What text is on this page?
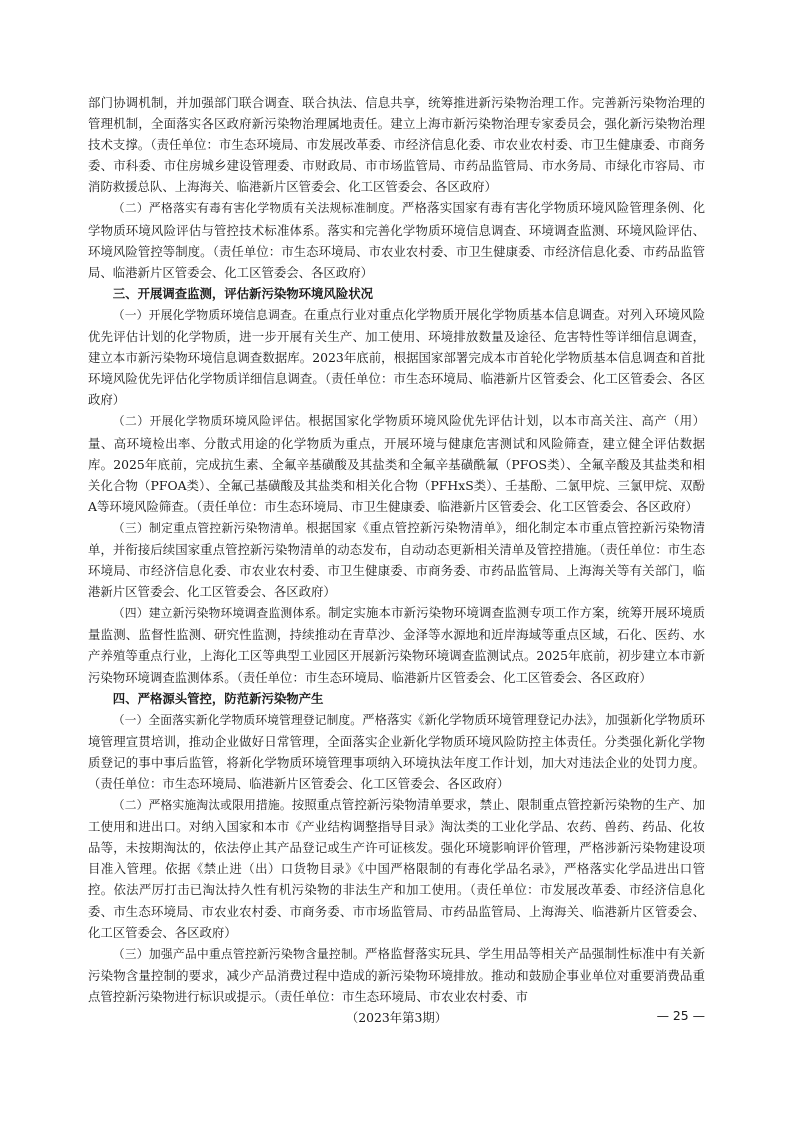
部门协调机制，并加强部门联合调查、联合执法、信息共享，统筹推进新污染物治理工作。完善新污染物治理的管理机制，全面落实各区政府新污染物治理属地责任。建立上海市新污染物治理专家委员会，强化新污染物治理技术支撑。（责任单位：市生态环境局、市发展改革委、市经济信息化委、市农业农村委、市卫生健康委、市商务委、市科委、市住房城乡建设管理委、市财政局、市市场监管局、市药品监管局、市水务局、市绿化市容局、市消防救援总队、上海海关、临港新片区管委会、化工区管委会、各区政府）

（二）严格落实有毒有害化学物质有关法规标准制度。严格落实国家有毒有害化学物质环境风险管理条例、化学物质环境风险评估与管控技术标准体系。落实和完善化学物质环境信息调查、环境调查监测、环境风险评估、环境风险管控等制度。（责任单位：市生态环境局、市农业农村委、市卫生健康委、市经济信息化委、市药品监管局、临港新片区管委会、化工区管委会、各区政府）

三、开展调查监测，评估新污染物环境风险状况

（一）开展化学物质环境信息调查。在重点行业对重点化学物质开展化学物质基本信息调查。对列入环境风险优先评估计划的化学物质，进一步开展有关生产、加工使用、环境排放数量及途径、危害特性等详细信息调查，建立本市新污染物环境信息调查数据库。2023年底前，根据国家部署完成本市首轮化学物质基本信息调查和首批环境风险优先评估化学物质详细信息调查。（责任单位：市生态环境局、临港新片区管委会、化工区管委会、各区政府）

（二）开展化学物质环境风险评估。根据国家化学物质环境风险优先评估计划，以本市高关注、高产（用）量、高环境检出率、分散式用途的化学物质为重点，开展环境与健康危害测试和风险筛查，建立健全评估数据库。2025年底前，完成抗生素、全氟辛基磺酸及其盐类和全氟辛基磺酰氟（PFOS类）、全氟辛酸及其盐类和相关化合物（PFOA类）、全氟己基磺酸及其盐类和相关化合物（PFHxS类）、壬基酚、二氯甲烷、三氯甲烷、双酚A等环境风险筛查。（责任单位：市生态环境局、市卫生健康委、临港新片区管委会、化工区管委会、各区政府）

（三）制定重点管控新污染物清单。根据国家《重点管控新污染物清单》，细化制定本市重点管控新污染物清单，并衔接后续国家重点管控新污染物清单的动态发布，自动动态更新相关清单及管控措施。（责任单位：市生态环境局、市经济信息化委、市农业农村委、市卫生健康委、市商务委、市药品监管局、上海海关等有关部门，临港新片区管委会、化工区管委会、各区政府）

（四）建立新污染物环境调查监测体系。制定实施本市新污染物环境调查监测专项工作方案，统筹开展环境质量监测、监督性监测、研究性监测，持续推动在青草沙、金泽等水源地和近岸海域等重点区域，石化、医药、水产养殖等重点行业，上海化工区等典型工业园区开展新污染物环境调查监测试点。2025年底前，初步建立本市新污染物环境调查监测体系。（责任单位：市生态环境局、临港新片区管委会、化工区管委会、各区政府）

四、严格源头管控，防范新污染物产生

（一）全面落实新化学物质环境管理登记制度。严格落实《新化学物质环境管理登记办法》，加强新化学物质环境管理宣贯培训，推动企业做好日常管理，全面落实企业新化学物质环境风险防控主体责任。分类强化新化学物质登记的事中事后监管，将新化学物质环境管理事项纳入环境执法年度工作计划，加大对违法企业的处罚力度。（责任单位：市生态环境局、临港新片区管委会、化工区管委会、各区政府）

（二）严格实施淘汰或限用措施。按照重点管控新污染物清单要求，禁止、限制重点管控新污染物的生产、加工使用和进出口。对纳入国家和本市《产业结构调整指导目录》淘汰类的工业化学品、农药、兽药、药品、化妆品等，未按期淘汰的，依法停止其产品登记或生产许可证核发。强化环境影响评价管理，严格涉新污染物建设项目准入管理。依据《禁止进（出）口货物目录》《中国严格限制的有毒化学品名录》，严格落实化学品进出口管控。依法严厉打击已淘汰持久性有机污染物的非法生产和加工使用。（责任单位：市发展改革委、市经济信息化委、市生态环境局、市农业农村委、市商务委、市市场监管局、市药品监管局、上海海关、临港新片区管委会、化工区管委会、各区政府）

（三）加强产品中重点管控新污染物含量控制。严格监督落实玩具、学生用品等相关产品强制性标准中有关新污染物含量控制的要求，减少产品消费过程中造成的新污染物环境排放。推动和鼓励企事业单位对重要消费品重点管控新污染物进行标识或提示。（责任单位：市生态环境局、市农业农村委、市

（2023年第3期）	— 25 —
